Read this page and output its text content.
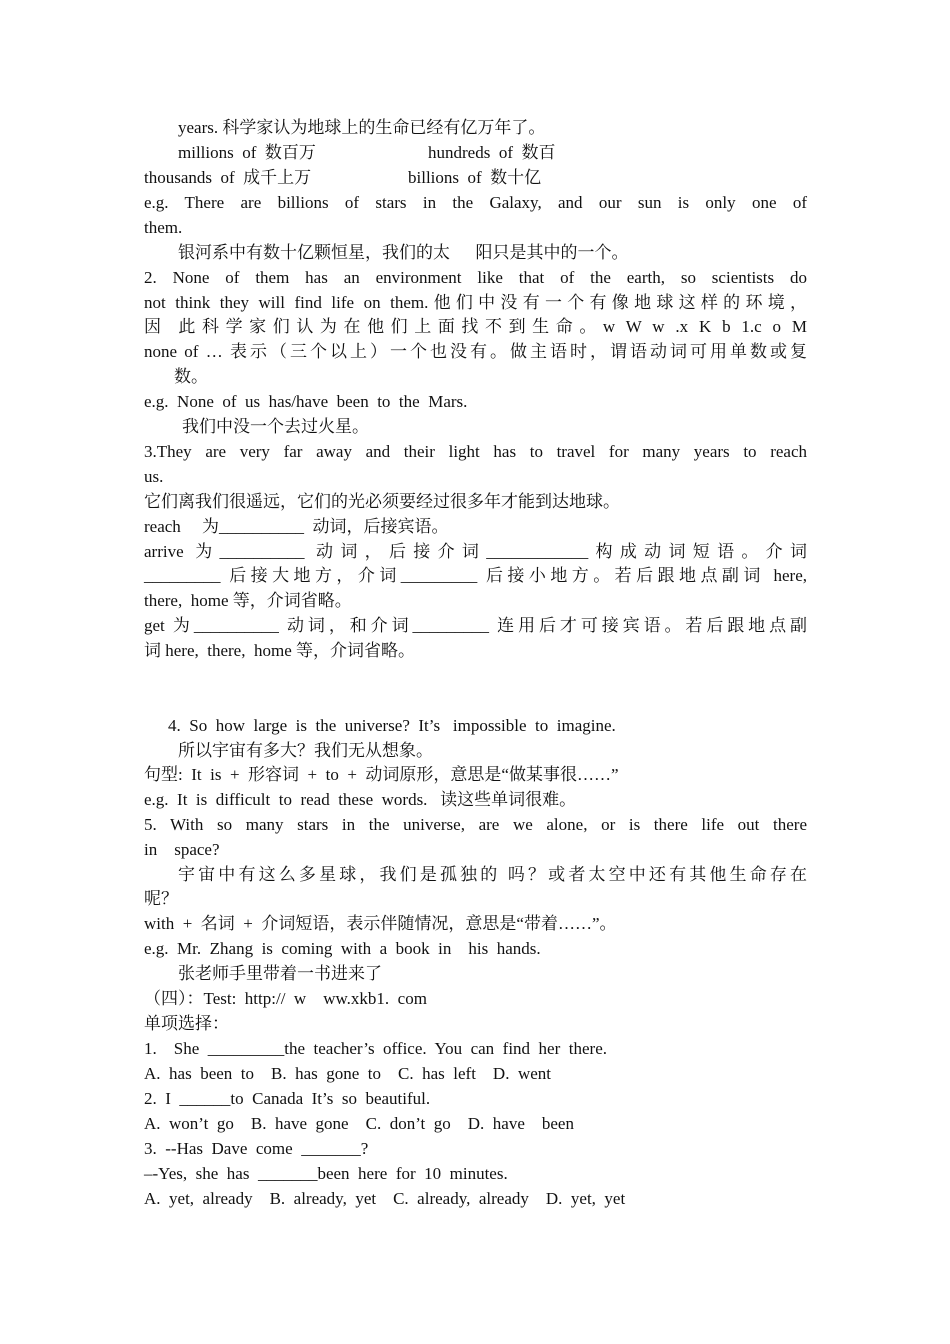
years. 科学家认为地球上的生命已经有亿万年了。
millions  of  数百万
thousands  of  成千上万
e.g. There are billions of stars in the Galaxy, and our sun is only one of
them.
银河系中有数十亿颗恒星，我们的太      阳只是其中的一个。
2. None of them has an environment like that of the earth, so scientists do
not think they will find life on them.他们中没有一个有像地球这样的环境，
因 此科学家们认为在他们上面找不到生命。w W w .x K b 1.c o M
none of … 表示（三个以上）一个也没有。做主语时，谓语动词可用单数或复
数。
e.g.  None  of  us  has/have  been  to  the  Mars.
我们中没一个去过火星。
3.They are very far away and their light has to travel for many years to reach
us.
它们离我们很遥远，它们的光必须要经过很多年才能到达地球。
reach     为__________  动词，后接宾语。
arrive 为__________ 动词，后接介词____________构成动词短语。介词
_________ 后接大地方，介词_________ 后接小地方。若后跟地点副词 here,
there,  home 等，介词省略。
get 为__________ 动词，和介词_________ 连用后才可接宾语。若后跟地点副
词 here,  there,  home 等，介词省略。
4.  So  how  large  is  the  universe?  It’s   impossible  to  imagine.
所以宇宙有多大？我们无从想象。
句型:  It  is  +  形容词  +  to  +  动词原形，意思是“做某事很……”
e.g.  It  is  difficult  to  read  these  words.   读这些单词很难。
5. With so many stars in the universe, are we alone, or is there life out there
in    space?
宇宙中有这么多星球，我们是孤独的 吗？或者太空中还有其他生命存在
呢？
with  +  名词  +  介词短语，表示伴随情况，意思是“带着……”。
e.g.  Mr.  Zhang  is  coming  with  a  book  in    his  hands.
张老师手里带着一书进来了
（四）：Test:  http://  w    ww.xkb1.  com
单项选择：
1.    She  _________the  teacher’s  office.  You  can  find  her  there.
A.  has  been  to    B.  has  gone  to    C.  has  left    D.  went
2.  I  ______to  Canada  It’s  so  beautiful.
A.  won’t  go    B.  have  gone    C.  don’t  go    D.  have    been
3.  --Has  Dave  come  _______?
–-Yes,  she  has  _______been  here  for  10  minutes.
A.  yet,  already    B.  already,  yet    C.  already,  already    D.  yet,  yet
hundreds  of  数百
billions  of  数十亿
